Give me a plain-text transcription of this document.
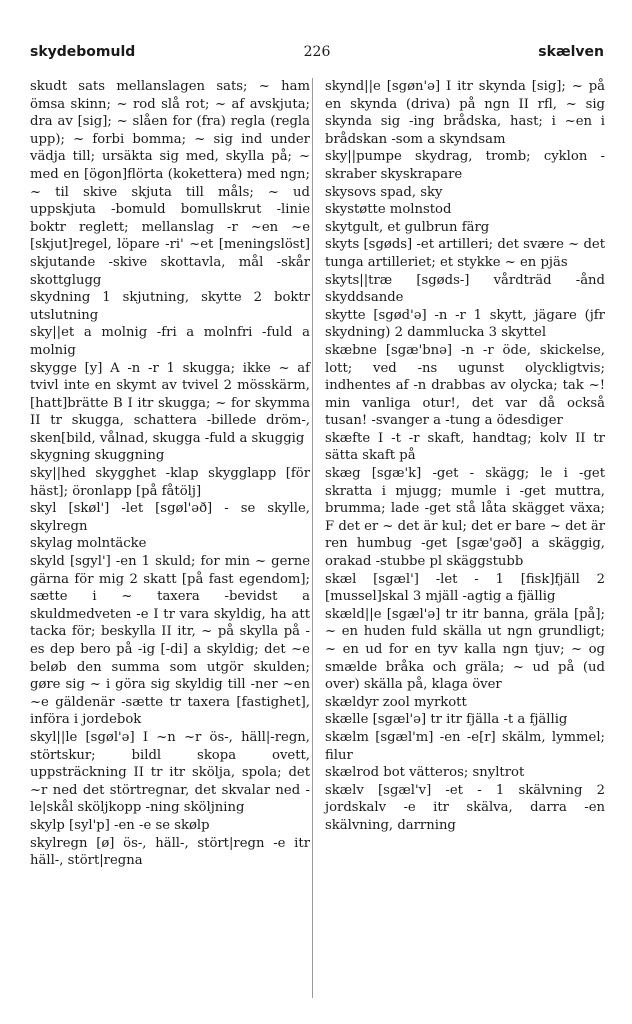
skydebomuld	226	skælven

skudt sats mellanslagen sats; ~ ham ömsa skinn; ~ rod slå rot; ~ af avskjuta; dra av [sig]; ~ slåen for (fra) regla (regla upp); ~ forbi bomma; ~ sig ind under vädja till; ursäkta sig med, skylla på; ~ med en [ögon]flörta (kokettera) med ngn; ~ til skive skjuta till måls; ~ ud uppskjuta -bomuld bomullskrut -linie boktr reglett; mellanslag -r ~en ~e [skjut]regel, löpare -ri' ~et [meningslöst] skjutande -skive skottavla, mål -skår skottglugg

skydning 1 skjutning, skytte 2 boktr utslutning

sky||et a molnig -fri a molnfri -fuld a molnig

skygge [y] A -n -r 1 skugga; ikke ~ af tvivl inte en skymt av tvivel 2 mösskärm, [hatt]brätte B I itr skugga; ~ for skymma II tr skugga, schattera -billede dröm-, sken[bild, vålnad, skugga -fuld a skuggig

skygning skuggning

sky||hed skygghet -klap skygglapp [för häst]; öronlapp [på fåtölj]

skyl [skøl'] -let [sgøl'əð] - se skylle, skylregn

skylag molntäcke

skyld [sgyl'] -en 1 skuld; for min ~ gerne gärna för mig 2 skatt [på fast egendom]; sætte i ~ taxera -bevidst a skuldmedveten -e I tr vara skyldig, ha att tacka för; beskylla II itr, ~ på skylla på -es dep bero på -ig [-di] a skyldig; det ~e beløb den summa som utgör skulden; gøre sig ~ i göra sig skyldig till -ner ~en ~e gäldenär -sætte tr taxera [fastighet], införa i jordebok

skyl||le [sgøl'ə] I ~n ~r ös-, häll|-regn, störtskur; bildl skopa ovett, uppsträckning II tr itr skölja, spola; det ~r ned det störtregnar, det skvalar ned -le|skål sköljkopp -ning sköljning

skylp [syl'p] -en -e se skølp

skylregn [ø] ös-, häll-, stört|regn -e itr häll-, stört|regna

skynd||e [sgøn'ə] I itr skynda [sig]; ~ på en skynda (driva) på ngn II rfl, ~ sig skynda sig -ing brådska, hast; i ~en i brådskan -som a skyndsam

sky||pumpe skydrag, tromb; cyklon -skraber skyskrapare

skysovs spad, sky

skystøtte molnstod

skytgult, et gulbrun färg

skyts [sgøds] -et artilleri; det svære ~ det tunga artilleriet; et stykke ~ en pjäs

skyts||træ [sgøds-] vårdträd -ånd skyddsande

skytte [sgød'ə] -n -r 1 skytt, jägare (jfr skydning) 2 dammlucka 3 skyttel

skæbne [sgæ'bnə] -n -r öde, skickelse, lott; ved -ns ugunst olyckligtvis; indhentes af -n drabbas av olycka; tak ~! min vanliga otur!, det var då också tusan! -svanger a -tung a ödesdiger

skæfte I -t -r skaft, handtag; kolv II tr sätta skaft på

skæg [sgæ'k] -get - skägg; le i -get skratta i mjugg; mumle i -get muttra, brumma; lade -get stå låta skägget växa; F det er ~ det är kul; det er bare ~ det är ren humbug -get [sgæ'gəð] a skäggig, orakad -stubbe pl skäggstubb

skæl [sgæl'] -let - 1 [fisk]fjäll 2 [mussel]skal 3 mjäll -agtig a fjällig

skæld||e [sgæl'ə] tr itr banna, gräla [på]; ~ en huden fuld skälla ut ngn grundligt; ~ en ud for en tyv kalla ngn tjuv; ~ og smælde bråka och gräla; ~ ud på (ud over) skälla på, klaga över

skældyr zool myrkott

skælle [sgæl'ə] tr itr fjälla -t a fjällig

skælm [sgæl'm] -en -e[r] skälm, lymmel; filur

skælrod bot vätteros; snyltrot

skælv [sgæl'v] -et - 1 skälvning 2 jordskalv -e itr skälva, darra -en skälvning, darrning
